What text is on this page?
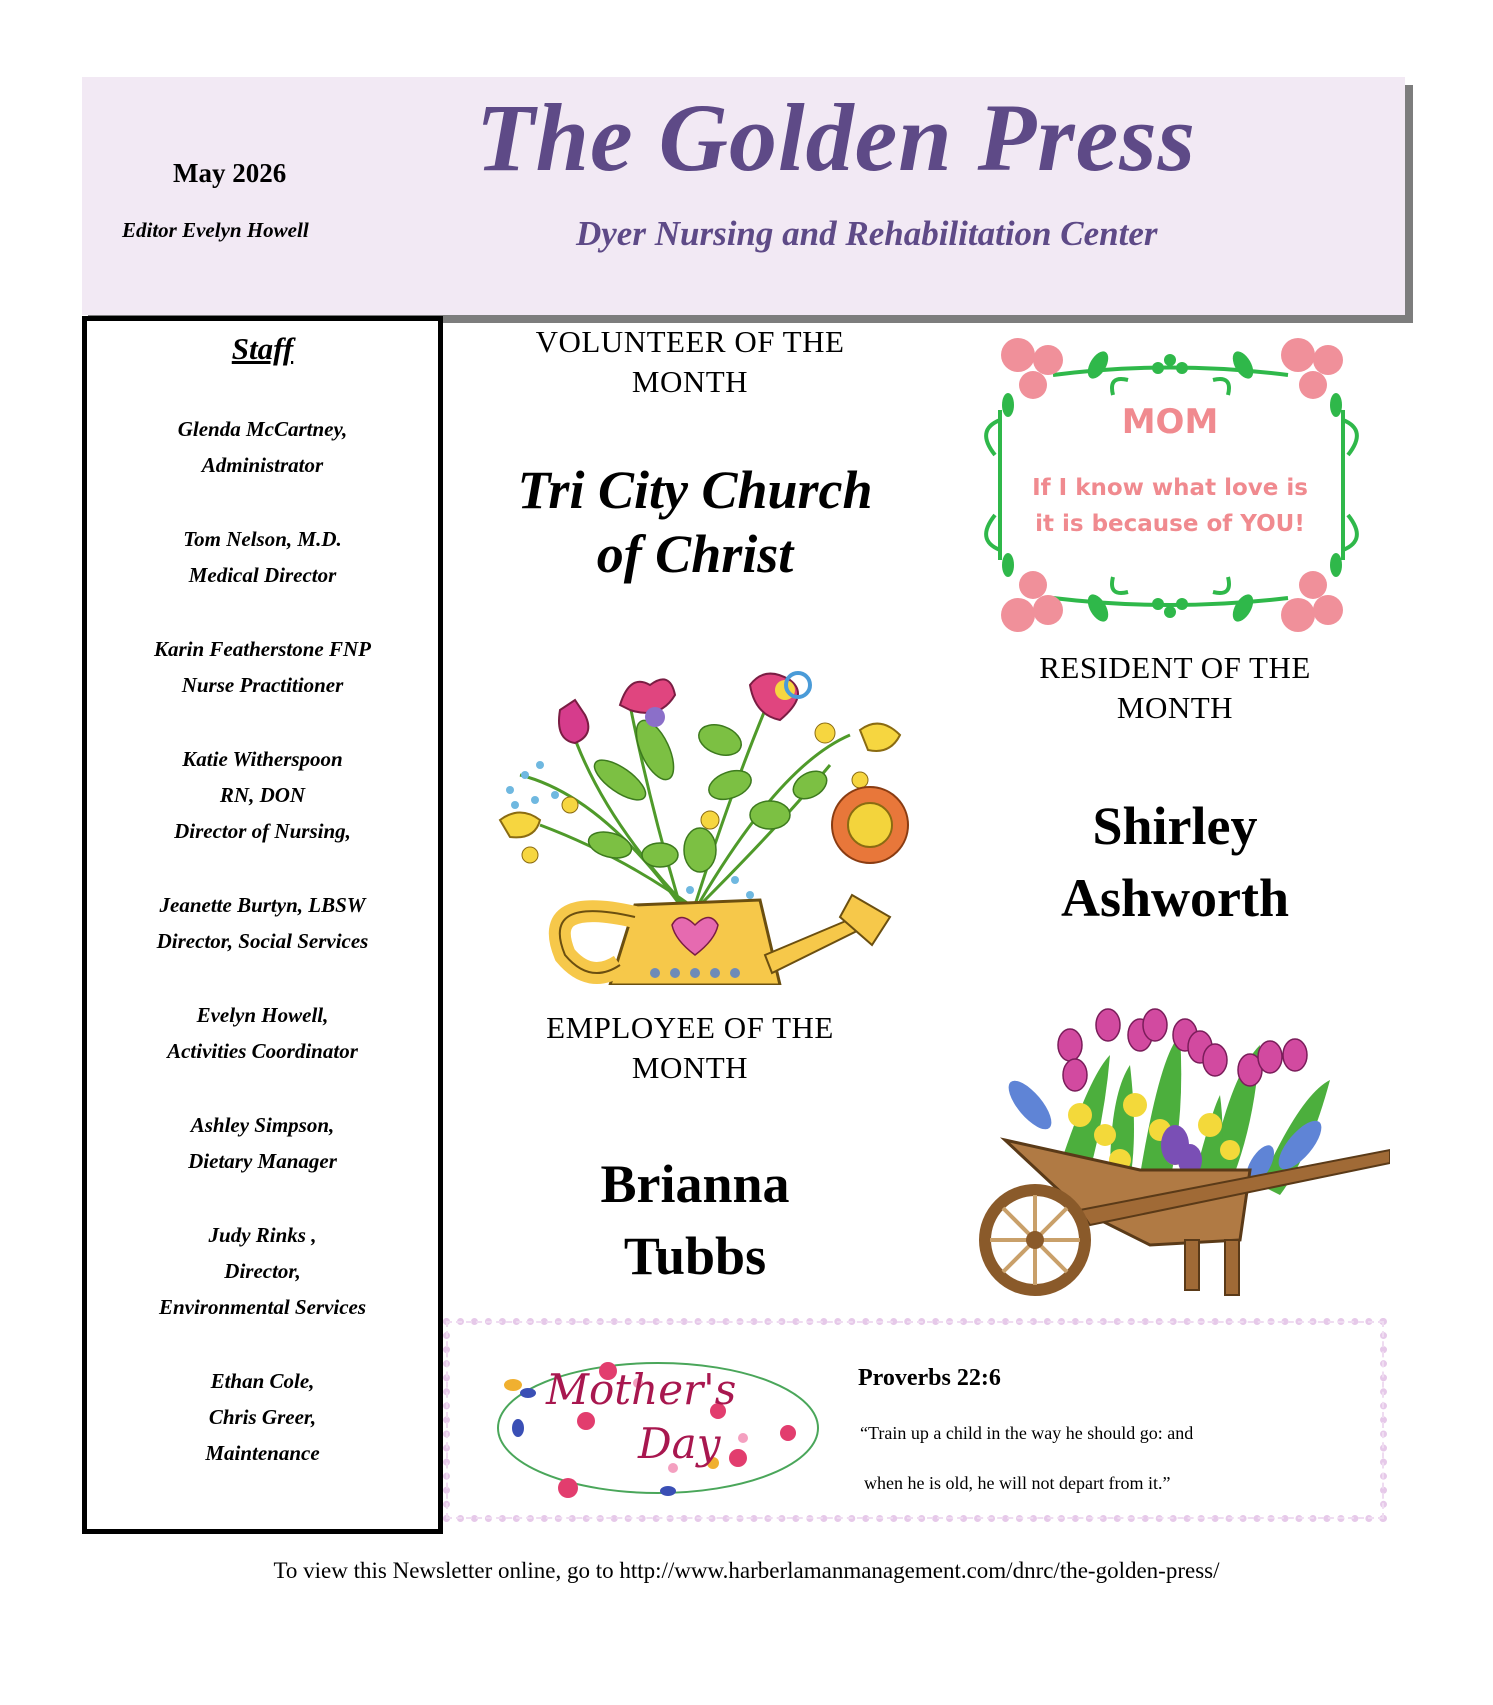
May 2026
Editor Evelyn Howell
The Golden Press
Dyer Nursing and Rehabilitation Center
Staff
Glenda McCartney,
Administrator
Tom Nelson, M.D.
Medical Director
Karin Featherstone FNP
Nurse Practitioner
Katie Witherspoon
RN, DON
Director of Nursing,
Jeanette Burtyn, LBSW
Director, Social Services
Evelyn Howell,
Activities Coordinator
Ashley Simpson,
Dietary Manager
Judy Rinks ,
Director,
Environmental Services
Ethan Cole,
Chris Greer,
Maintenance
VOLUNTEER OF THE
MONTH
Tri City Church
of Christ
EMPLOYEE OF THE
MONTH
Brianna
Tubbs
MOM
If I know what love is
it is because of YOU!
RESIDENT OF THE
MONTH
Shirley
Ashworth
Mother's
Day
Proverbs 22:6
“Train up a child in the way he should go: and
when he is old, he will not depart from it.”
To view this Newsletter online, go to http://www.harberlamanmanagement.com/dnrc/the-golden-press/
